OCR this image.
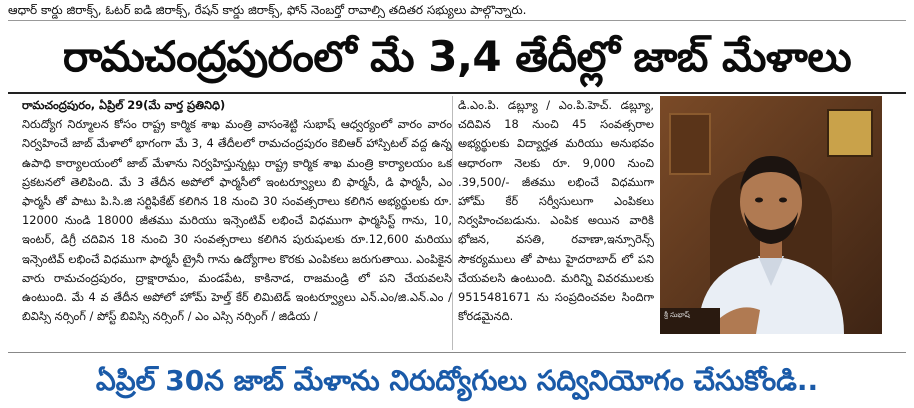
ఆధార్ కార్డు జిరాక్స్, ఓటర్ ఐడి జిరాక్స్, రేషన్ కార్డు జిరాక్స్, ఫోన్ నెంబర్తో రావాల్సి తదితర సభ్యులు పాల్గొన్నారు.
రామచంద్రపురంలో మే 3,4 తేదీల్లో జాబ్ మేళాలు
రామచంద్రపురం, ఏప్రిల్ 29(మే వార్త ప్రతినిధి)
నిరుద్యోగ నిర్మూలన కోసం రాష్ట్ర కార్మిక శాఖ మంత్రి వాసంశెట్టి సుభాష్ ఆధ్వర్యంలో వారం వారం నిర్వహించే జాబ్ మేళాలో భాగంగా మే 3, 4 తేదీలలో రామచంద్రపురం కెబిఆర్ హాస్పిటల్ వద్ద ఉన్న ఉపాధి కార్యాలయంలో జాబ్ మేళాను నిర్వహిస్తున్నట్లు రాష్ట్ర కార్మిక శాఖ మంత్రి కార్యాలయం ఒక ప్రకటనలో తెలిపింది. మే 3 తేదీన అపోలో ఫార్మసీలో ఇంటర్వ్యూలు బి ఫార్మసీ, డి ఫార్మసీ, ఎం ఫార్మసీ తో పాటు పి.సి.జి సర్టిఫికేట్ కలిగిన 18 నుంచి 30 సంవత్సరాలు కలిగిన అభ్యర్థులకు రూ. 12000 నుండి 18000 జీతము మరియు ఇన్సెంటివ్ లభించే విధముగా ఫార్మసిస్ట్ గాను, 10, ఇంటర్, డిగ్రీ చదివిన 18 నుంచి 30 సంవత్సరాలు కలిగిన పురుషులకు రూ.12,600 మరియు ఇన్సెంటివ్ లభించే విధముగా ఫార్మసీ ట్రైనీ గాను ఉద్యోగాల కొరకు ఎంపికలు జరుగుతాయి. ఎంపికైన వారు రామచంద్రపురం, ద్రాక్షారామం, మండపేట, కాకినాడ, రాజమండ్రి లో పని చేయవలసి ఉంటుంది. మే 4 వ తేదీన అపోలో హోమ్ హెల్త్ కేర్ లిమిటెడ్ ఇంటర్వ్యూలు ఎన్.ఎం/జి.ఎన్.ఎం / బివిస్సి నర్సింగ్ / పోస్ట్ బివిస్సి నర్సింగ్ / ఎం ఎస్సి నర్సింగ్ / జిడియ /
డి.ఎం.పి. డబ్ల్యూ / ఎం.పి.హెచ్. డబ్ల్యూ, చదివిన 18 నుంచి 45 సంవత్సరాల అభ్యర్థులకు విద్యార్హత మరియు అనుభవం ఆధారంగా నెలకు రూ. 9,000 నుంచి .39,500/- జీతము లభించే విధముగా హోమ్ కేర్ సర్వీసులుగా ఎంపికలు నిర్వహించబడును. ఎంపిక అయిన వారికి భోజన, వసతి, రవాణా,ఇన్సూరెన్స్ సౌకర్యములు తో పాటు హైదరాబాద్ లో పని చేయవలసి ఉంటుంది. మరిన్ని వివరములకు 9515481671 ను సంప్రదించవల సిందిగా కోరడమైనది.	శ్రీ సుభాష్
ఏప్రిల్ 30న జాబ్ మేళాను నిరుద్యోగులు సద్వినియోగం చేసుకోండి..
